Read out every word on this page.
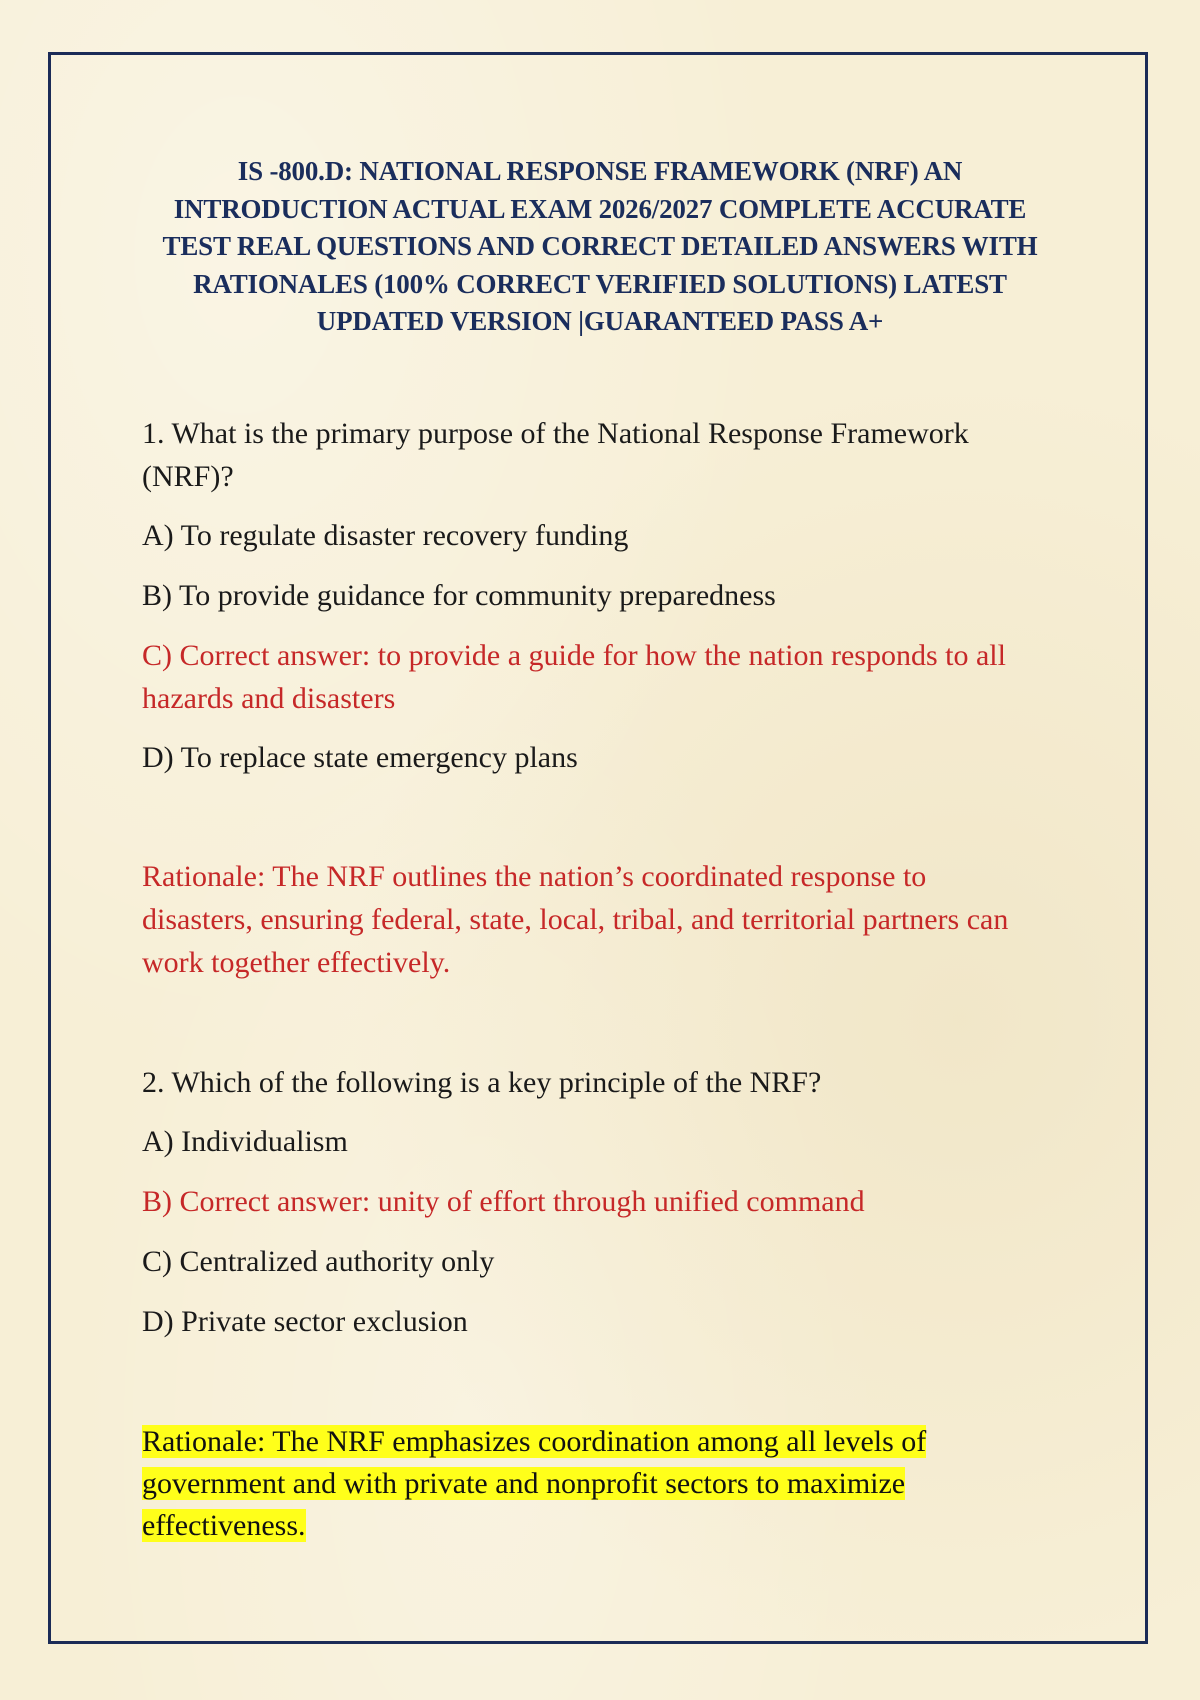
IS -800.D: NATIONAL RESPONSE FRAMEWORK (NRF) AN
INTRODUCTION ACTUAL EXAM 2026/2027 COMPLETE ACCURATE
TEST REAL QUESTIONS AND CORRECT DETAILED ANSWERS WITH
RATIONALES (100% CORRECT VERIFIED SOLUTIONS) LATEST
UPDATED VERSION |GUARANTEED PASS A+

1. What is the primary purpose of the National Response Framework

(NRF)?

A) To regulate disaster recovery funding

B) To provide guidance for community preparedness

C) Correct answer: to provide a guide for how the nation responds to all

hazards and disasters

D) To replace state emergency plans

Rationale: The NRF outlines the nation’s coordinated response to

disasters, ensuring federal, state, local, tribal, and territorial partners can

work together effectively.

2. Which of the following is a key principle of the NRF?

A) Individualism

B) Correct answer: unity of effort through unified command

C) Centralized authority only

D) Private sector exclusion

Rationale: The NRF emphasizes coordination among all levels of

government and with private and nonprofit sectors to maximize

effectiveness.
